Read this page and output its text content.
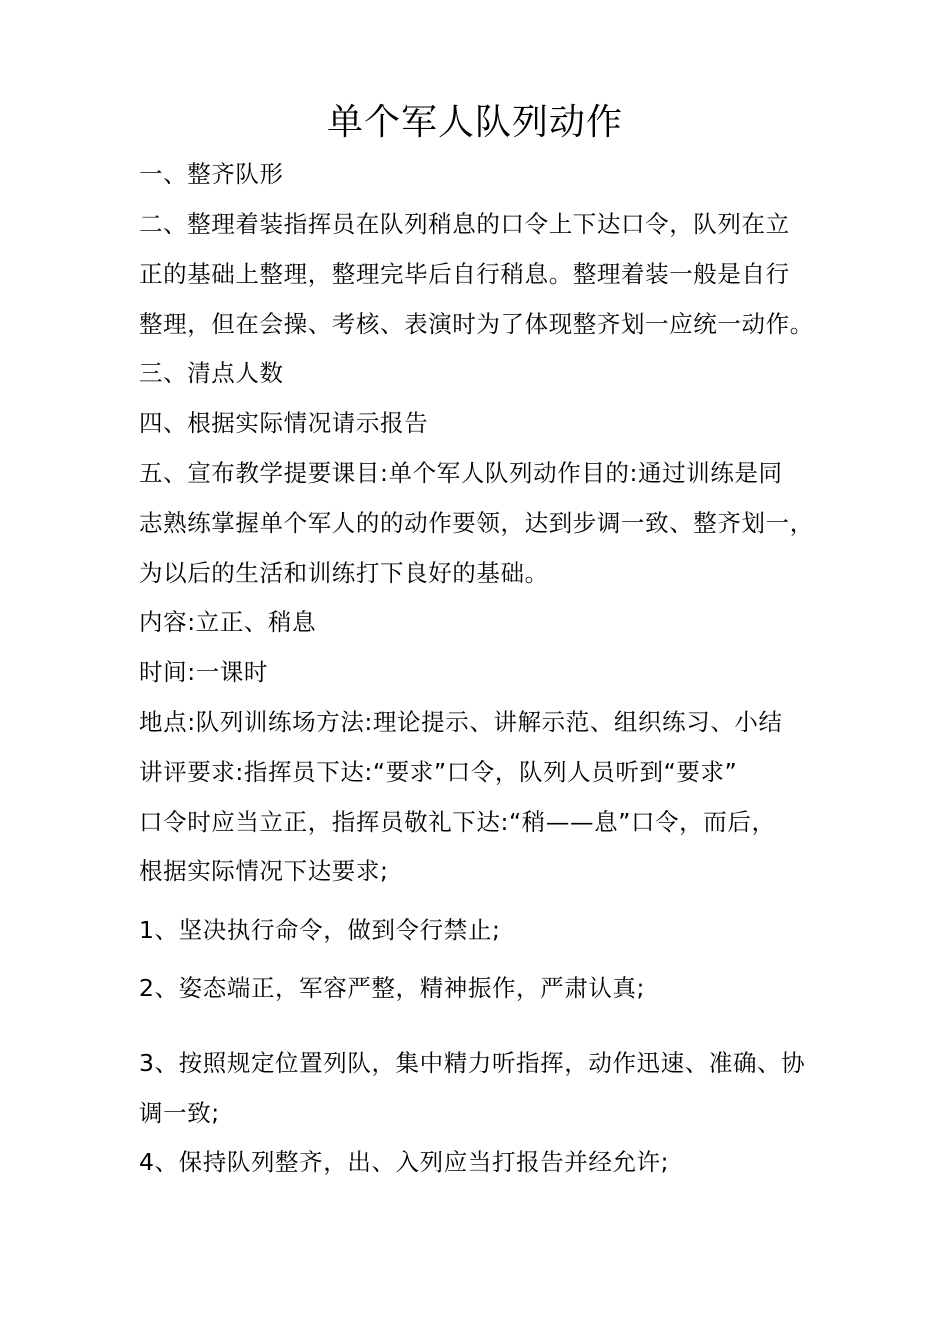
单个军人队列动作
一、整齐队形
二、整理着装指挥员在队列稍息的口令上下达口令，队列在立
正的基础上整理，整理完毕后自行稍息。整理着装一般是自行
整理，但在会操、考核、表演时为了体现整齐划一应统一动作。
三、清点人数
四、根据实际情况请示报告
五、宣布教学提要课目:单个军人队列动作目的:通过训练是同
志熟练掌握单个军人的的动作要领，达到步调一致、整齐划一，
为以后的生活和训练打下良好的基础。
内容:立正、稍息
时间:一课时
地点:队列训练场方法:理论提示、讲解示范、组织练习、小结
讲评要求:指挥员下达:“要求”口令，队列人员听到“要求”
口令时应当立正，指挥员敬礼下达:“稍——息”口令，而后，
根据实际情况下达要求;
1、坚决执行命令，做到令行禁止;
2、姿态端正，军容严整，精神振作，严肃认真;
3、按照规定位置列队，集中精力听指挥，动作迅速、准确、协
调一致;
4、保持队列整齐，出、入列应当打报告并经允许;
